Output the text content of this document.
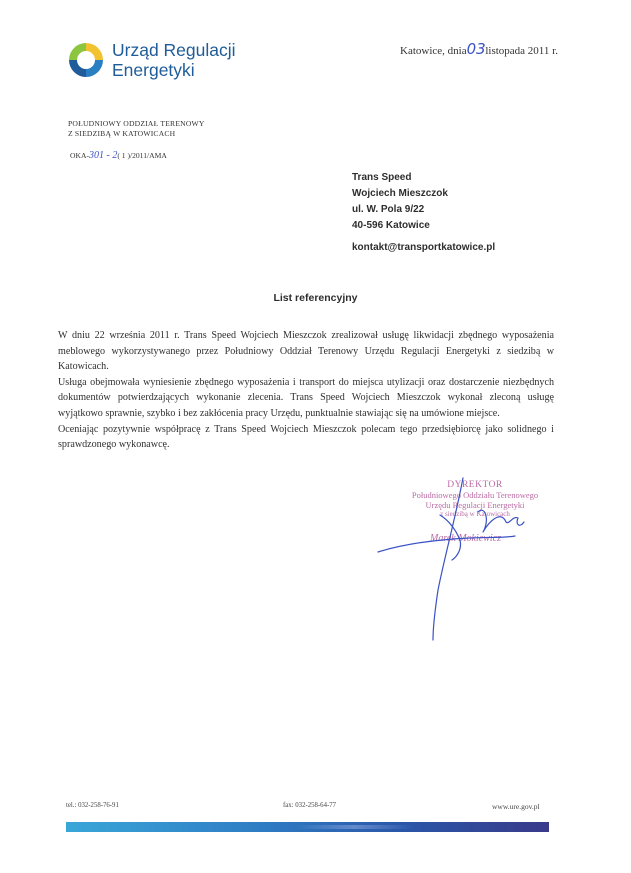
Urząd Regulacji
Energetyki
Katowice, dnia03 listopada 2011 r.
POŁUDNIOWY ODDZIAŁ TERENOWY
Z SIEDZIBĄ W KATOWICACH
OKA-301 - 2( 1 )/2011/AMA
Trans Speed
Wojciech Mieszczok
ul. W. Pola 9/22
40-596 Katowice
kontakt@transportkatowice.pl
List referencyjny

W dniu 22 września 2011 r. Trans Speed Wojciech Mieszczok zrealizował usługę likwidacji zbędnego wyposażenia meblowego wykorzystywanego przez Południowy Oddział Terenowy Urzędu Regulacji Energetyki z siedzibą w Katowicach.

Usługa obejmowała wyniesienie zbędnego wyposażenia i transport do miejsca utylizacji oraz dostarczenie niezbędnych dokumentów potwierdzających wykonanie zlecenia. Trans Speed Wojciech Mieszczok wykonał zleconą usługę wyjątkowo sprawnie, szybko i bez zakłócenia pracy Urzędu, punktualnie stawiając się na umówione miejsce.

Oceniając pozytywnie współpracę z Trans Speed Wojciech Mieszczok polecam tego przedsiębiorcę jako solidnego i sprawdzonego wykonawcę.

DYREKTOR
Południowego Oddziału Terenowego
Urzędu Regulacji Energetyki
z siedzibą w Katowicach
Marek Mokiewicz
tel.: 032-258-76-91	fax: 032-258-64-77	www.ure.gov.pl
